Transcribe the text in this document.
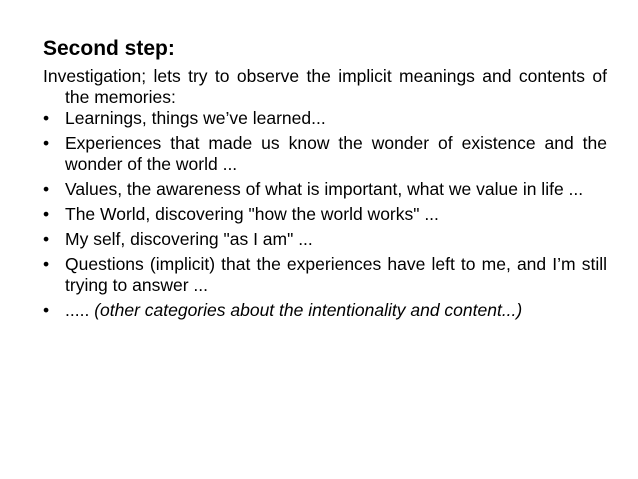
Second step:

Investigation; lets try to observe the implicit meanings and contents of the memories:

• Learnings, things we’ve learned...
• Experiences that made us know the wonder of existence and the wonder of the world ...
• Values, the awareness of what is important, what we value in life ...
• The World, discovering "how the world works" ...
• My self, discovering "as I am" ...
• Questions (implicit) that the experiences have left to me, and I’m still trying to answer ...
• ..... (other categories about the intentionality and content...)
